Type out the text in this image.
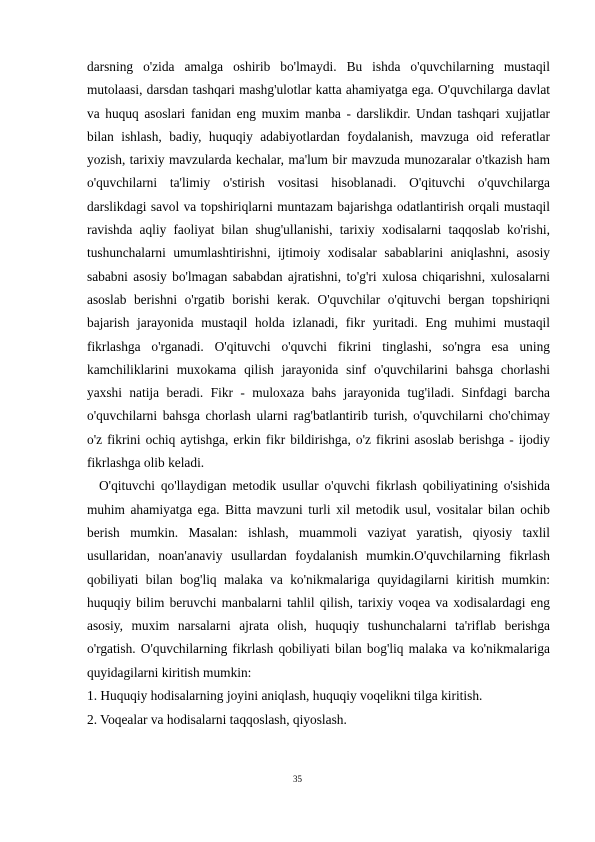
darsning o'zida amalga oshirib bo'lmaydi. Bu ishda o'quvchilarning mustaqil mutolaasi, darsdan tashqari mashg'ulotlar katta ahamiyatga ega. O'quvchilarga davlat va huquq asoslari fanidan eng muxim manba - darslikdir. Undan tashqari xujjatlar bilan ishlash, badiy, huquqiy adabiyotlardan foydalanish, mavzuga oid referatlar yozish, tarixiy mavzularda kechalar, ma'lum bir mavzuda munozaralar o'tkazish ham o'quvchilarni ta'limiy o'stirish vositasi hisoblanadi. O'qituvchi o'quvchilarga darslikdagi savol va topshiriqlarni muntazam bajarishga odatlantirish orqali mustaqil ravishda aqliy faoliyat bilan shug'ullanishi, tarixiy xodisalarni taqqoslab ko'rishi, tushunchalarni umumlashtirishni, ijtimoiy xodisalar sabablarini aniqlashni, asosiy sababni asosiy bo'lmagan sababdan ajratishni, to'g'ri xulosa chiqarishni, xulosalarni asoslab berishni o'rgatib borishi kerak. O'quvchilar o'qituvchi bergan topshiriqni bajarish jarayonida mustaqil holda izlanadi, fikr yuritadi. Eng muhimi mustaqil fikrlashga o'rganadi. O'qituvchi o'quvchi fikrini tinglashi, so'ngra esa uning kamchiliklarini muxokama qilish jarayonida sinf o'quvchilarini bahsga chorlashi yaxshi natija beradi. Fikr - muloxaza bahs jarayonida tug'iladi. Sinfdagi barcha o'quvchilarni bahsga chorlash ularni rag'batlantirib turish, o'quvchilarni cho'chimay o'z fikrini ochiq aytishga, erkin fikr bildirishga, o'z fikrini asoslab berishga - ijodiy fikrlashga olib keladi.

O'qituvchi qo'llaydigan metodik usullar o'quvchi fikrlash qobiliyatining o'sishida muhim ahamiyatga ega. Bitta mavzuni turli xil metodik usul, vositalar bilan ochib berish mumkin. Masalan: ishlash, muammoli vaziyat yaratish, qiyosiy taxlil usullaridan, noan'anaviy usullardan foydalanish mumkin.O'quvchilarning fikrlash qobiliyati bilan bog'liq malaka va ko'nikmalariga quyidagilarni kiritish mumkin: huquqiy bilim beruvchi manbalarni tahlil qilish, tarixiy voqea va xodisalardagi eng asosiy, muxim narsalarni ajrata olish, huquqiy tushunchalarni ta'riflab berishga o'rgatish. O'quvchilarning fikrlash qobiliyati bilan bog'liq malaka va ko'nikmalariga quyidagilarni kiritish mumkin:

1. Huquqiy hodisalarning joyini aniqlash, huquqiy voqelikni tilga kiritish.
2. Voqealar va hodisalarni taqqoslash, qiyoslash.
35
